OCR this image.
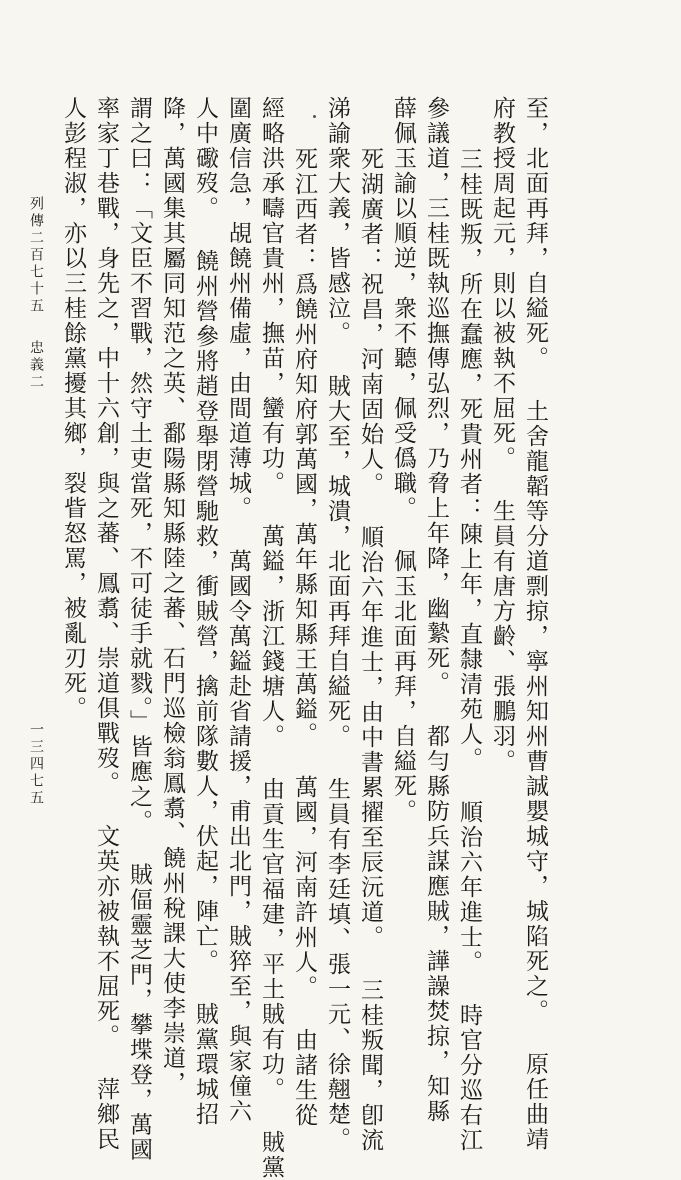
至，北面再拜，自縊死。 土舍龍韜等分道剽掠，寧州知州曹誠嬰城守，城陷死之。 原任曲靖
府教授周起元，則以被執不屈死。 生員有唐方齡、張鵬羽。
三桂既叛，所在蠢應，死貴州者：陳上年，直隸清苑人。 順治六年進士。 時官分巡右江
參議道，三桂既執巡撫傳弘烈，乃脅上年降，幽縶死。 都勻縣防兵謀應賊，譁譟焚掠，知縣
薛佩玉諭以順逆，衆不聽，佩受僞職。 佩玉北面再拜，自縊死。
死湖廣者：祝昌，河南固始人。 順治六年進士，由中書累擢至辰沅道。 三桂叛聞，卽流
涕諭衆大義，皆感泣。 賊大至，城潰，北面再拜自縊死。 生員有李廷填、張一元、徐翹楚。
死江西者：爲饒州府知府郭萬國，萬年縣知縣王萬鎰。 萬國，河南許州人。 由諸生從
經略洪承疇官貴州，撫苗，蠻有功。 萬鎰，浙江錢塘人。 由貢生官福建，平土賊有功。 賊黨
圍廣信急，覘饒州備虛，由間道薄城。 萬國令萬鎰赴省請援，甫出北門，賊猝至，與家僮六
人中礮歿。 饒州營參將趙登舉閉營馳救，衝賊營，擒前隊數人，伏起，陣亡。 賊黨環城招
降，萬國集其屬同知范之英、鄱陽縣知縣陸之蕃、石門巡檢翁鳳翥、饒州稅課大使李崇道，
謂之曰：「文臣不習戰，然守土吏當死，不可徒手就戮。」皆應之。 賊偪靈芝門，攀堞登，萬國
率家丁巷戰，身先之，中十六創，與之蕃、鳳翥、崇道俱戰歿。 文英亦被執不屈死。 萍鄉民
人彭程淑，亦以三桂餘黨擾其鄉，裂眥怒罵，被亂刃死。
列傳二百七十五
忠義二
一三四七五
